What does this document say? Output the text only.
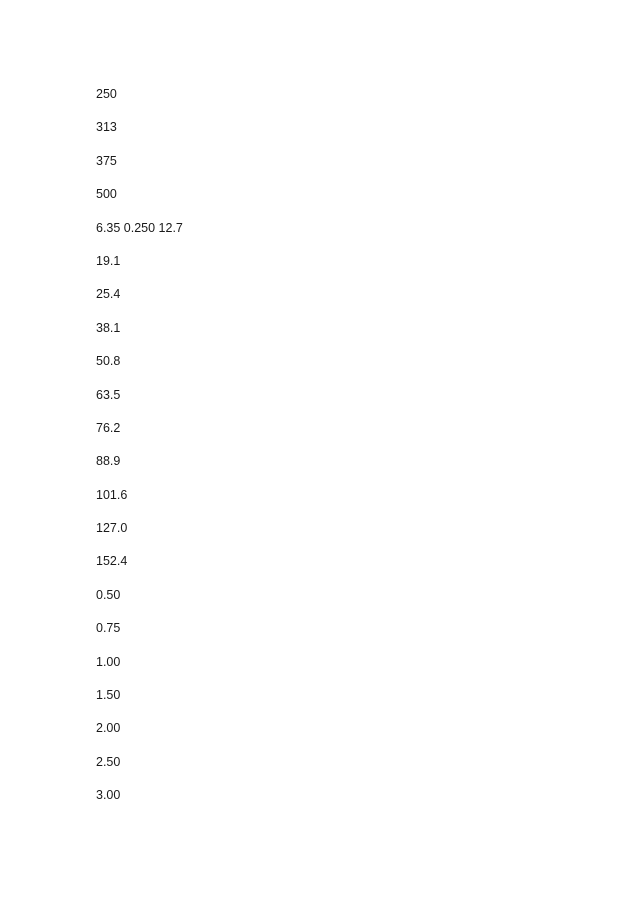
250
313
375
500
6.35 0.250 12.7
19.1
25.4
38.1
50.8
63.5
76.2
88.9
101.6
127.0
152.4
0.50
0.75
1.00
1.50
2.00
2.50
3.00
